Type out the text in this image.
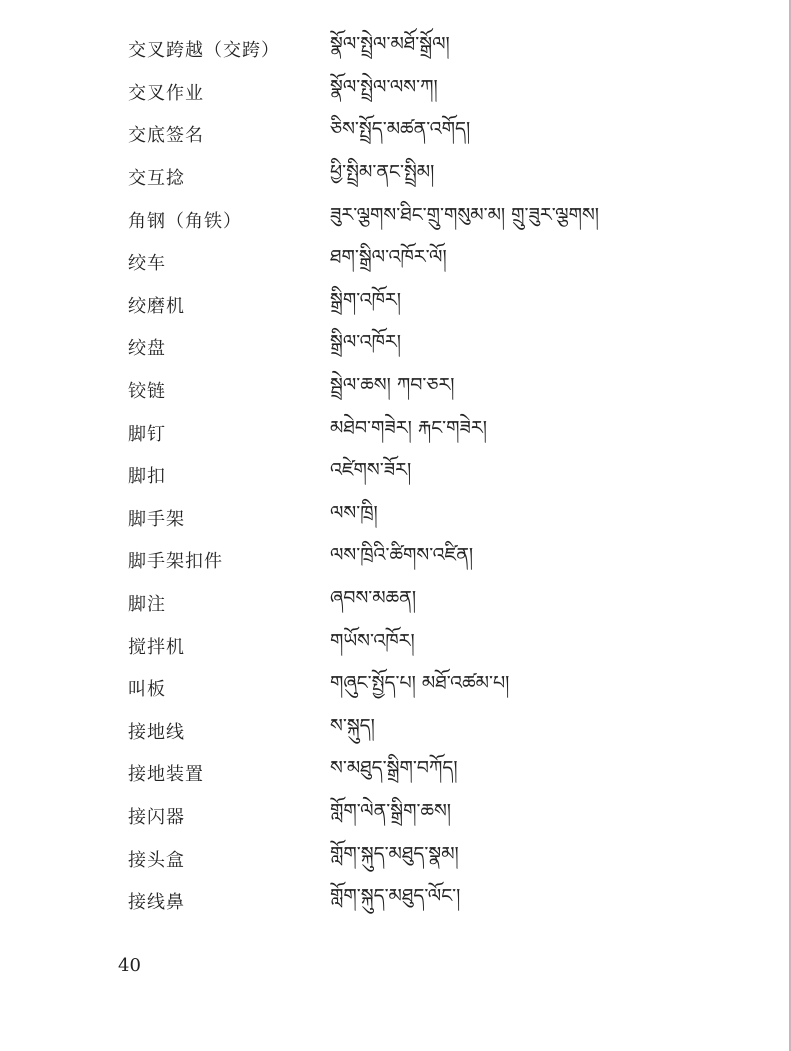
交叉跨越（交跨）	སྣོལ་སྤྲེལ་མཐོ་སྒྲོལ།
交叉作业	སྣོལ་སྤྲེལ་ལས་ཀ།
交底签名	ཅིས་སྤྲོད་མཚན་འགོད།
交互捻	ཕྱི་སྤྲིམ་ནང་སྤྲིམ།
角钢（角铁）	ཟུར་ལྕགས་ཐིང་གྲུ་གསུམ་མ། གྲུ་ཟུར་ལྕགས།
绞车	ཐག་སྒྲིལ་འཁོར་ལོ།
绞磨机	སྒྲིག་འཁོར།
绞盘	སྒྲིལ་འཁོར།
铰链	སྦྲེལ་ཆས། ཀབ་ཅར།
脚钉	མཐེབ་གཟེར། རྐང་གཟེར།
脚扣	འཛེགས་ཟོར།
脚手架	ལས་ཁྲི།
脚手架扣件	ལས་ཁྲིའི་ཚིགས་འཛིན།
脚注	ཞབས་མཆན།
搅拌机	གཡོས་འཁོར།
叫板	གཞུང་སྤྱོད་པ། མཐོ་འཚམ་པ།
接地线	ས་སྐུད།
接地装置	ས་མཐུད་སྒྲིག་བཀོད།
接闪器	གློག་ལེན་སྒྲིག་ཆས།
接头盒	གློག་སྐུད་མཐུད་སྣམ།
接线鼻	གློག་སྐུད་མཐུད་ལོང་།
40
